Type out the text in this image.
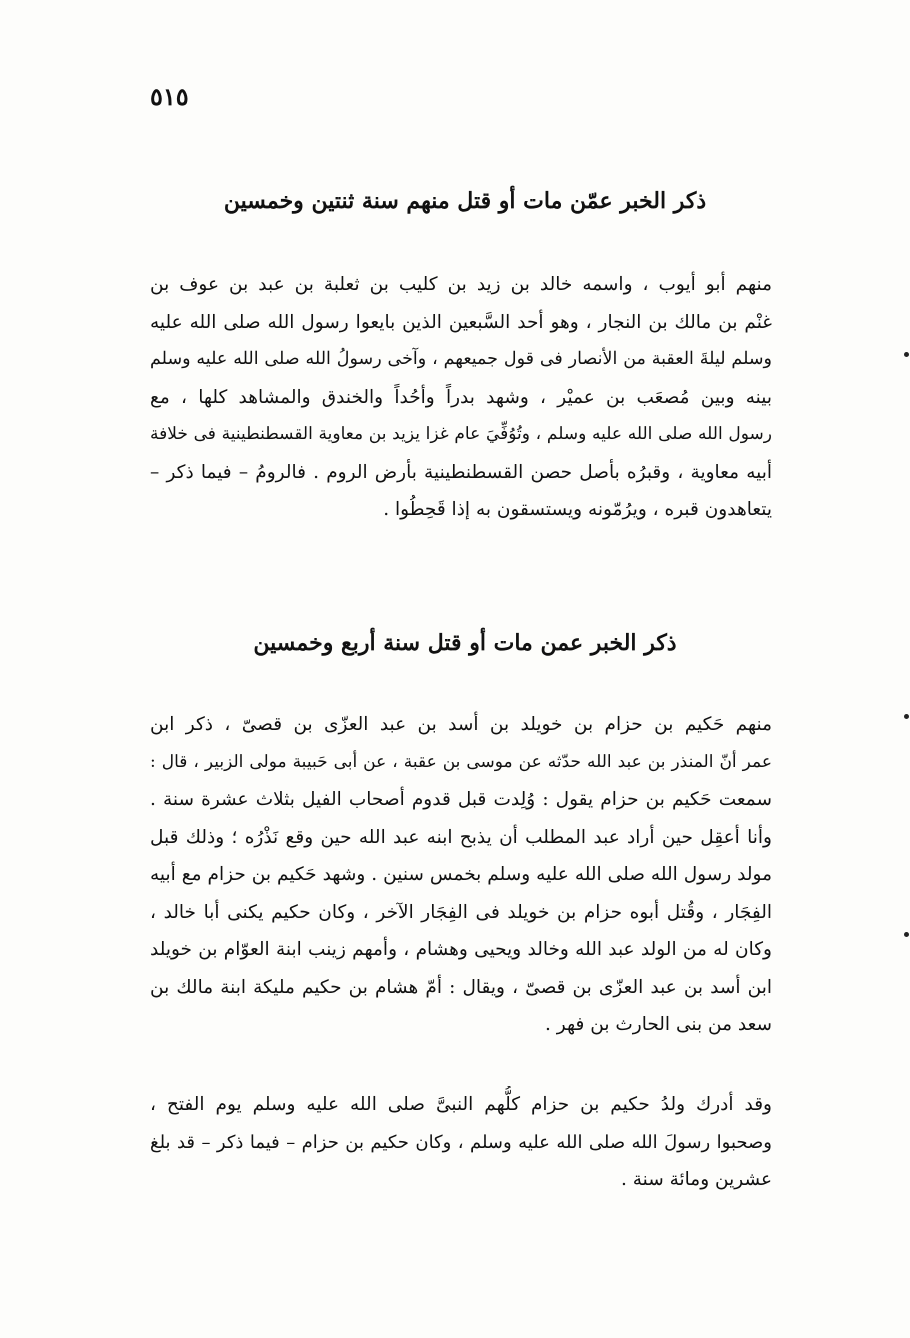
٥١٥
ذكر الخبر عمّن مات أو قتل منهم سنة ثنتين وخمسين
منهم أبو أيوب ، واسمه خالد بن زيد بن كليب بن ثعلبة بن عبد بن عوف بن
غنْم بن مالك بن النجار ، وهو أحد السَّبعين الذين بايعوا رسول الله صلى الله عليه
وسلم ليلةَ العقبة من الأنصار فى قول جميعهم ، وآخى رسولُ الله صلى الله عليه وسلم
بينه وبين مُصعَب بن عميْر ، وشهد بدراً وأحُداً والخندق والمشاهد كلها ، مع
رسول الله صلى الله عليه وسلم ، وتُوُفِّيَ عام غزا يزيد بن معاوية القسطنطينية فى خلافة
أبيه معاوية ، وقبرُه بأصل حصن القسطنطينية بأرض الروم . فالرومُ – فيما ذكر –
يتعاهدون قبره ، ويرُمّونه ويستسقون به إذا قَحِطُوا .
ذكر الخبر عمن مات أو قتل سنة أربع وخمسين
منهم حَكيم بن حزام بن خويلد بن أسد بن عبد العزّى بن قصىّ ، ذكر ابن
عمر أنّ المنذر بن عبد الله حدّثه عن موسى بن عقبة ، عن أبى حَبيبة مولى الزبير ، قال :
سمعت حَكيم بن حزام يقول : وُلِدت قبل قدوم أصحاب الفيل بثلاث عشرة سنة .
وأنا أعقِل حين أراد عبد المطلب أن يذبح ابنه عبد الله حين وقع نَذْرُه ؛ وذلك قبل
مولد رسول الله صلى الله عليه وسلم بخمس سنين . وشهد حَكيم بن حزام مع أبيه
الفِجَار ، وقُتل أبوه حزام بن خويلد فى الفِجَار الآخر ، وكان حكيم يكنى أبا خالد ،
وكان له من الولد عبد الله وخالد ويحيى وهشام ، وأمهم زينب ابنة العوّام بن خويلد
ابن أسد بن عبد العزّى بن قصىّ ، ويقال : أمّ هشام بن حكيم مليكة ابنة مالك بن
سعد من بنى الحارث بن فهر .
وقد أدرك ولدُ حكيم بن حزام كلُّهم النبىَّ صلى الله عليه وسلم يوم الفتح ،
وصحبوا رسولَ الله صلى الله عليه وسلم ، وكان حكيم بن حزام – فيما ذكر – قد بلغ
عشرين ومائة سنة .
